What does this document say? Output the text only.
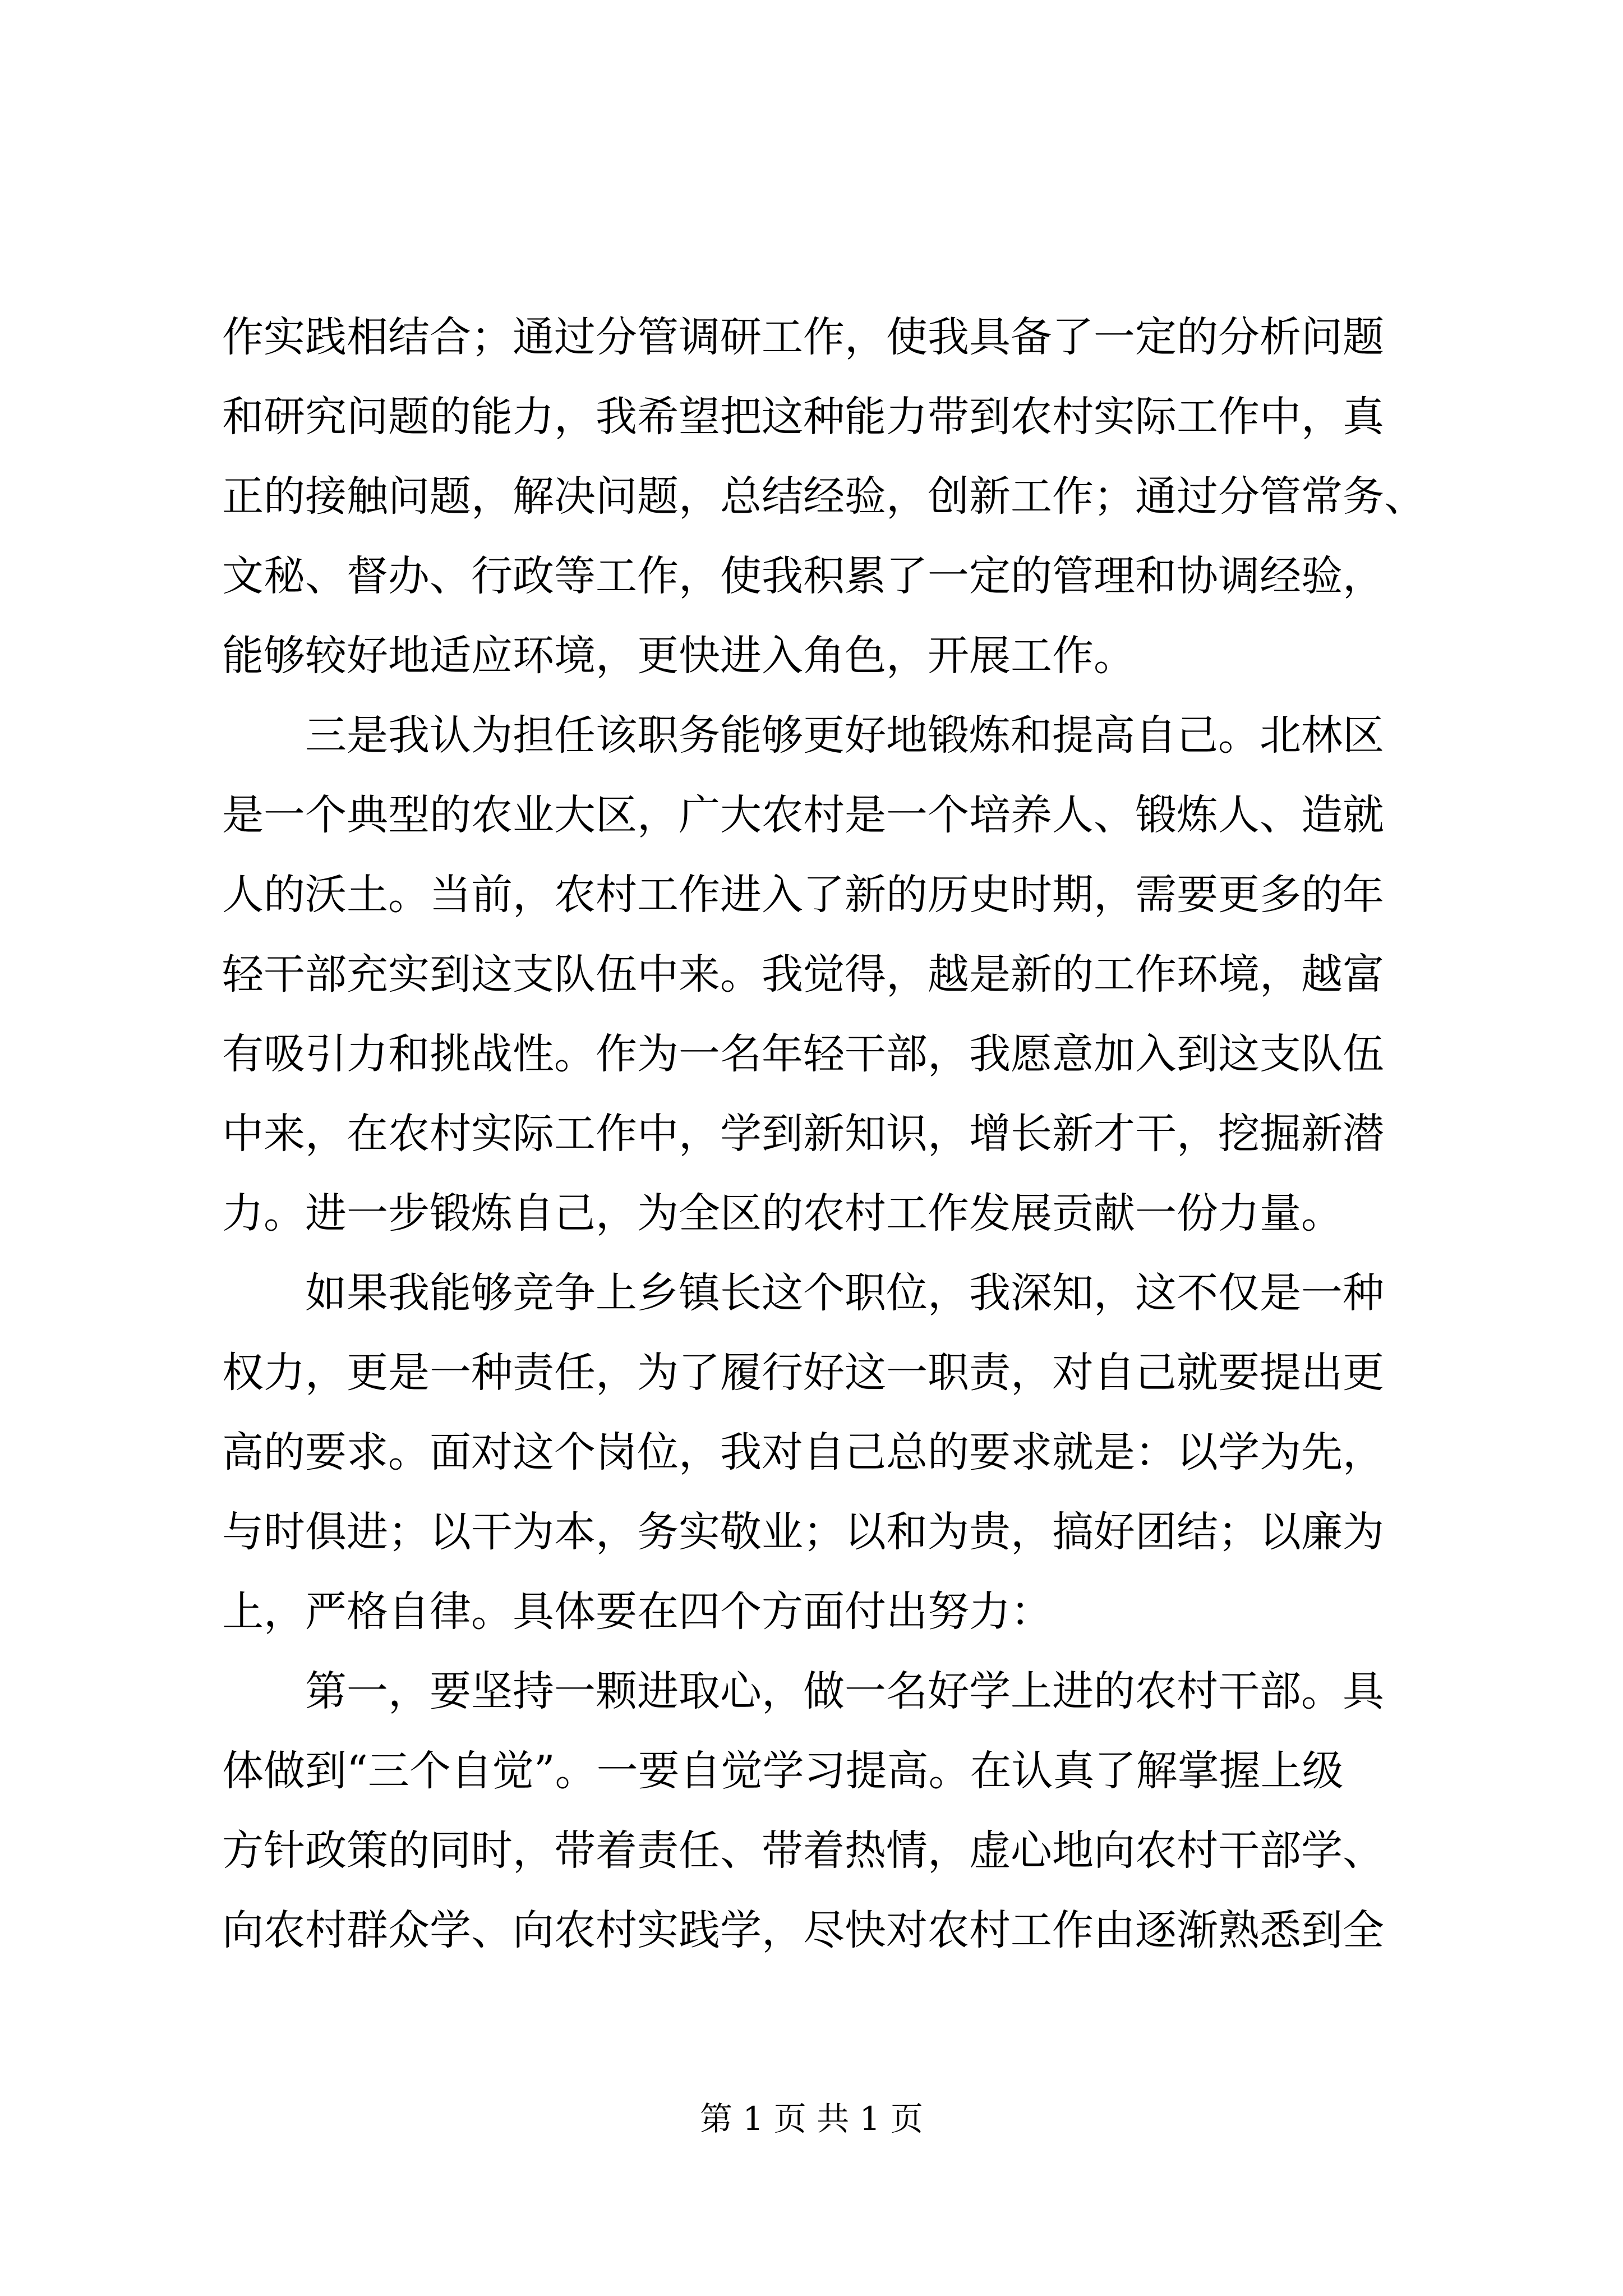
作实践相结合；通过分管调研工作，使我具备了一定的分析问题
和研究问题的能力，我希望把这种能力带到农村实际工作中，真
正的接触问题，解决问题，总结经验，创新工作；通过分管常务、
文秘、督办、行政等工作，使我积累了一定的管理和协调经验，
能够较好地适应环境，更快进入角色，开展工作。
三是我认为担任该职务能够更好地锻炼和提高自己。北林区
是一个典型的农业大区，广大农村是一个培养人、锻炼人、造就
人的沃土。当前，农村工作进入了新的历史时期，需要更多的年
轻干部充实到这支队伍中来。我觉得，越是新的工作环境，越富
有吸引力和挑战性。作为一名年轻干部，我愿意加入到这支队伍
中来，在农村实际工作中，学到新知识，增长新才干，挖掘新潜
力。进一步锻炼自己，为全区的农村工作发展贡献一份力量。
如果我能够竞争上乡镇长这个职位，我深知，这不仅是一种
权力，更是一种责任，为了履行好这一职责，对自己就要提出更
高的要求。面对这个岗位，我对自己总的要求就是：以学为先，
与时俱进；以干为本，务实敬业；以和为贵，搞好团结；以廉为
上，严格自律。具体要在四个方面付出努力：
第一，要坚持一颗进取心，做一名好学上进的农村干部。具
体做到“三个自觉”。一要自觉学习提高。在认真了解掌握上级
方针政策的同时，带着责任、带着热情，虚心地向农村干部学、
向农村群众学、向农村实践学，尽快对农村工作由逐渐熟悉到全
第 1 页 共 1 页
